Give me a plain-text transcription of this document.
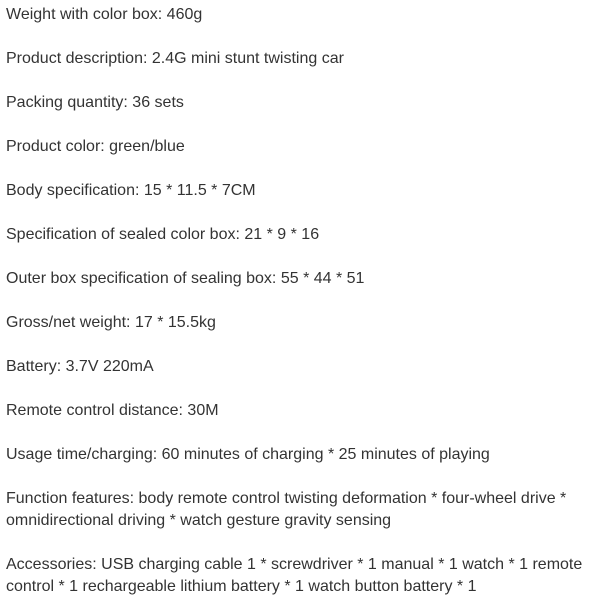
Weight with color box: 460g

Product description: 2.4G mini stunt twisting car

Packing quantity: 36 sets

Product color: green/blue

Body specification: 15 * 11.5 * 7CM

Specification of sealed color box: 21 * 9 * 16

Outer box specification of sealing box: 55 * 44 * 51

Gross/net weight: 17 * 15.5kg

Battery: 3.7V 220mA

Remote control distance: 30M

Usage time/charging: 60 minutes of charging * 25 minutes of playing

Function features: body remote control twisting deformation * four-wheel drive * omnidirectional driving * watch gesture gravity sensing

Accessories: USB charging cable 1 * screwdriver * 1 manual * 1 watch * 1 remote control * 1 rechargeable lithium battery * 1 watch button battery * 1
